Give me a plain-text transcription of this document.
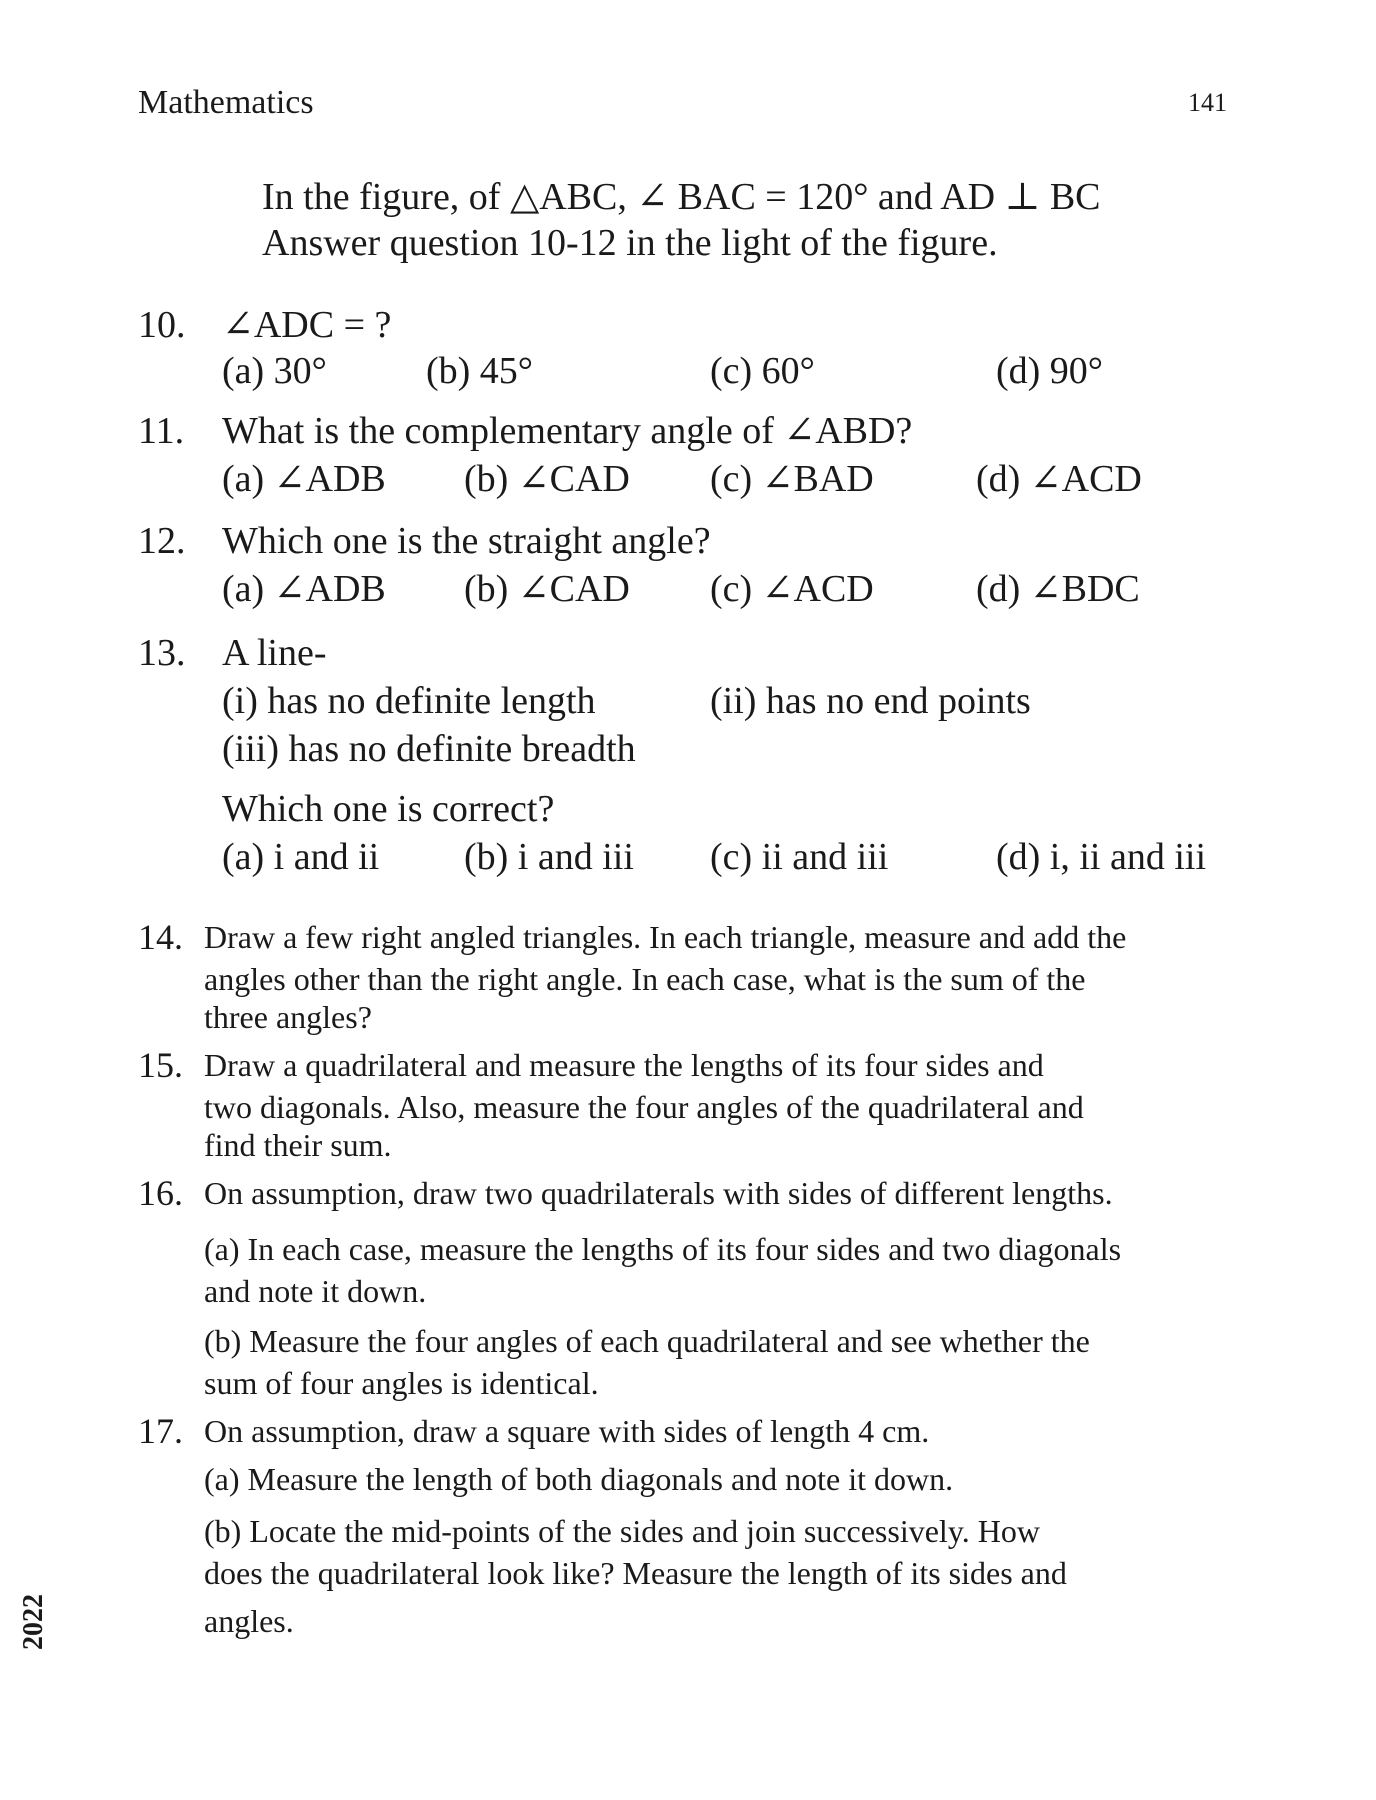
Mathematics	141
In the figure, of △ABC, ∠ BAC = 120° and AD ⊥ BC
Answer question 10-12 in the light of the figure.
10. ∠ADC = ?
(a) 30°	(b) 45°	(c) 60°	(d) 90°
11. What is the complementary angle of ∠ABD?
(a) ∠ADB (b) ∠CAD (c) ∠BAD	(d) ∠ACD
12. Which one is the straight angle?
(a) ∠ADB (b) ∠CAD (c) ∠ACD	(d) ∠BDC
13. A line-
(i) has no definite length	(ii) has no end points
(iii) has no definite breadth
Which one is correct?
(a) i and ii (b) i and iii (c) ii and iii	(d) i, ii and iii
14. Draw a few right angled triangles. In each triangle, measure and add the
angles other than the right angle. In each case, what is the sum of the
three angles?
15. Draw a quadrilateral and measure the lengths of its four sides and
two diagonals. Also, measure the four angles of the quadrilateral and
find their sum.
16. On assumption, draw two quadrilaterals with sides of different lengths.
(a) In each case, measure the lengths of its four sides and two diagonals
and note it down.
(b) Measure the four angles of each quadrilateral and see whether the
sum of four angles is identical.
17. On assumption, draw a square with sides of length 4 cm.
(a) Measure the length of both diagonals and note it down.
(b) Locate the mid-points of the sides and join successively. How
does the quadrilateral look like? Measure the length of its sides and
angles.
2022
